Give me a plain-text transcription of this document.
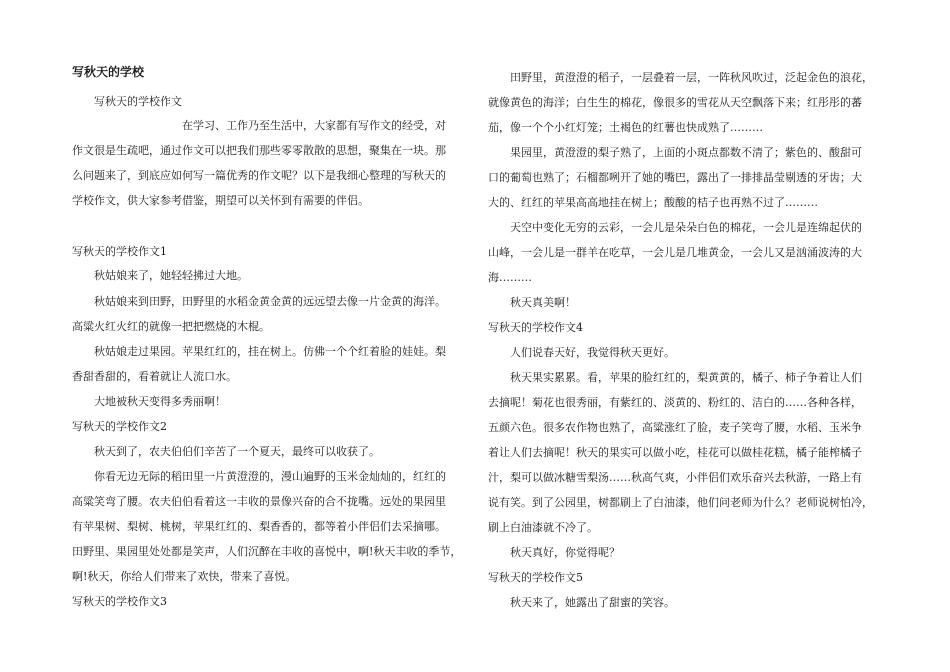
写秋天的学校

写秋天的学校作文

在学习、工作乃至生活中，大家都有写作文的经受，对

作文很是生疏吧，通过作文可以把我们那些零零散散的思想，聚集在一块。那

么问题来了，到底应如何写一篇优秀的作文呢？以下是我细心整理的写秋天的

学校作文，供大家参考借鉴，期望可以关怀到有需要的伴侣。

写秋天的学校作文1

秋姑娘来了，她轻轻拂过大地。

秋姑娘来到田野，田野里的水稻金黄金黄的远远望去像一片金黄的海洋。

高粱火红火红的就像一把把燃烧的木棍。

秋姑娘走过果园。苹果红红的，挂在树上。仿佛一个个红着脸的娃娃。梨

香甜香甜的，看着就让人流口水。

大地被秋天变得多秀丽啊！

写秋天的学校作文2

秋天到了，农夫伯伯们辛苦了一个夏天，最终可以收获了。

你看无边无际的稻田里一片黄澄澄的，漫山遍野的玉米金灿灿的，红红的

高粱笑弯了腰。农夫伯伯看着这一丰收的景像兴奋的合不拢嘴。远处的果园里

有苹果树、梨树、桃树，苹果红红的、梨香香的，都等着小伴侣们去采摘哪。

田野里、果园里处处都是笑声，人们沉醉在丰收的喜悦中，啊!秋天丰收的季节，

啊!秋天，你给人们带来了欢快，带来了喜悦。

写秋天的学校作文3

田野里，黄澄澄的稻子，一层叠着一层，一阵秋风吹过，泛起金色的浪花，

就像黄色的海洋；白生生的棉花，像很多的雪花从天空飘落下来；红彤彤的蕃

茄，像一个个小红灯笼；土褐色的红薯也快成熟了………

果园里，黄澄澄的梨子熟了，上面的小斑点都数不清了；紫色的、酸甜可

口的葡萄也熟了；石榴都咧开了她的嘴巴，露出了一排排晶莹剔透的牙齿；大

大的、红红的苹果高高地挂在树上；酸酸的桔子也再熟不过了………

天空中变化无穷的云彩，一会儿是朵朵白色的棉花，一会儿是连绵起伏的

山峰，一会儿是一群羊在吃草，一会儿是几堆黄金，一会儿又是汹涌波涛的大

海………

秋天真美啊！

写秋天的学校作文4

人们说春天好，我觉得秋天更好。

秋天果实累累。看，苹果的脸红红的，梨黄黄的，橘子、柿子争着让人们

去摘呢！菊花也很秀丽，有紫红的、淡黄的、粉红的、洁白的……各种各样，

五颜六色。很多农作物也熟了，高粱涨红了脸，麦子笑弯了腰，水稻、玉米争

着让人们去摘呢！秋天的果实可以做小吃，桂花可以做桂花糕，橘子能榨橘子

汁，梨可以做冰糖雪梨汤……秋高气爽，小伴侣们欢乐奋兴去秋游，一路上有

说有笑。到了公园里，树都刷上了白油漆，他们问老师为什么？老师说树怕冷，

刷上白油漆就不冷了。

秋天真好，你觉得呢？

写秋天的学校作文5

秋天来了，她露出了甜蜜的笑容。
